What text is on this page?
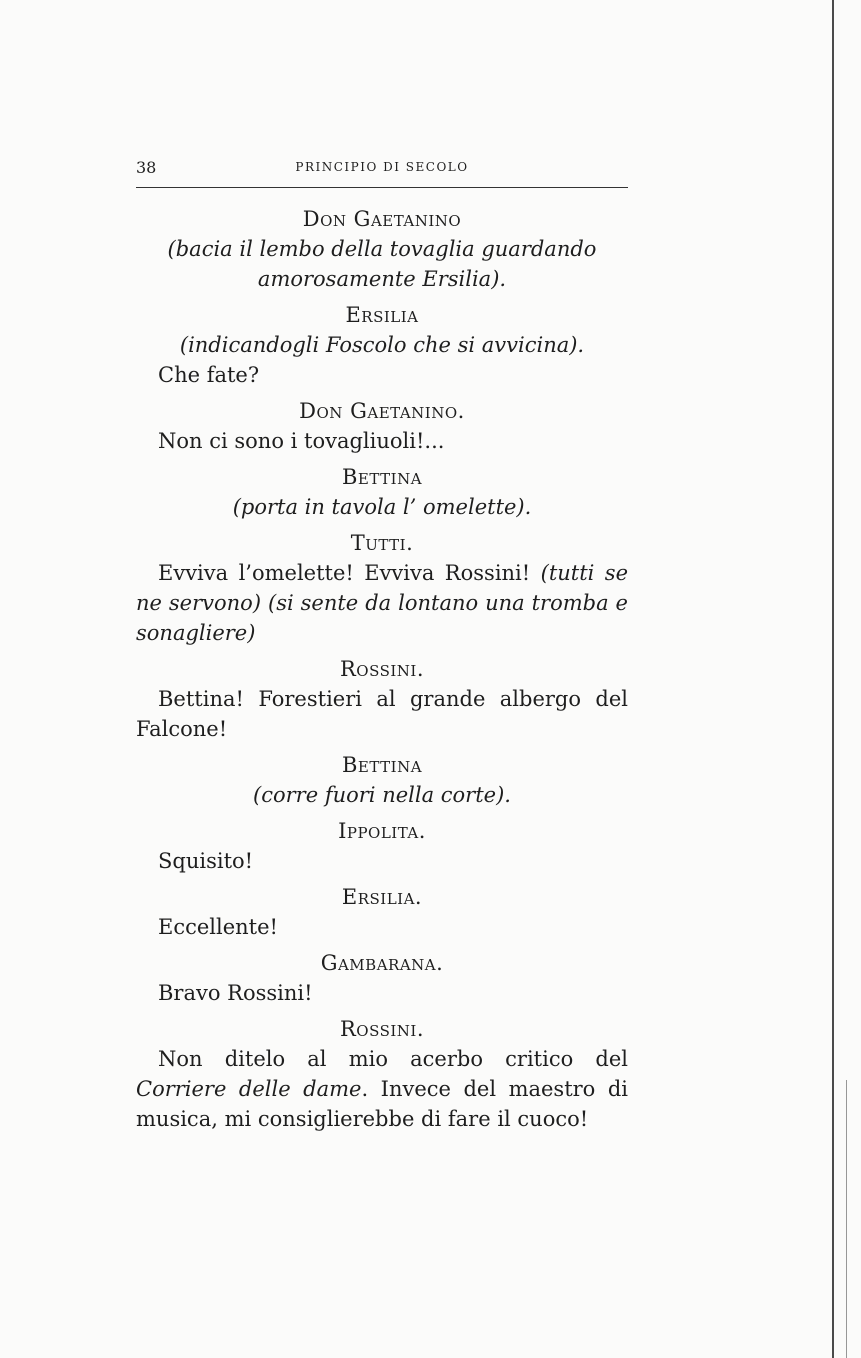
38	PRINCIPIO DI SECOLO
Don Gaetanino
(bacia il lembo della tovaglia guardando amorosamente Ersilia).
Ersilia
(indicandogli Foscolo che si avvicina).
Che fate?
Don Gaetanino.
Non ci sono i tovagliuoli!...
Bettina
(porta in tavola l’ omelette).
Tutti.
Evviva l’omelette! Evviva Rossini! (tutti se ne servono) (si sente da lontano una tromba e sonagliere)
Rossini.
Bettina! Forestieri al grande albergo del Falcone!
Bettina
(corre fuori nella corte).
Ippolita.
Squisito!
Ersilia.
Eccellente!
Gambarana.
Bravo Rossini!
Rossini.
Non ditelo al mio acerbo critico del Corriere delle dame. Invece del maestro di musica, mi consiglierebbe di fare il cuoco!
